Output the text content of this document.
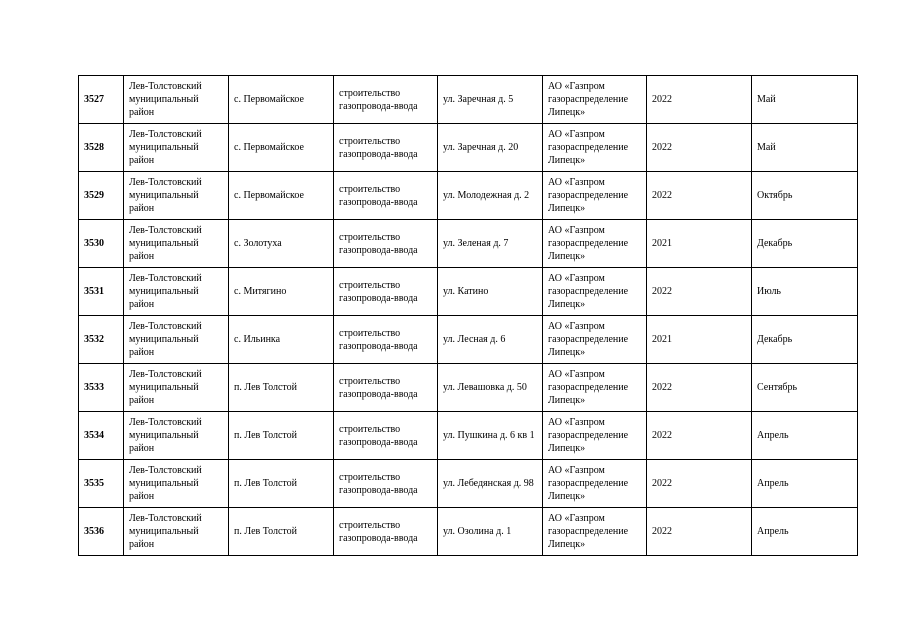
3527	Лев-Толстовский муниципальный район	с. Первомайское	строительство газопровода-ввода	ул. Заречная д. 5	АО «Газпром газораспределение Липецк»	2022	Май
3528	Лев-Толстовский муниципальный район	с. Первомайское	строительство газопровода-ввода	ул. Заречная д. 20	АО «Газпром газораспределение Липецк»	2022	Май
3529	Лев-Толстовский муниципальный район	с. Первомайское	строительство газопровода-ввода	ул. Молодежная д. 2	АО «Газпром газораспределение Липецк»	2022	Октябрь
3530	Лев-Толстовский муниципальный район	с. Золотуха	строительство газопровода-ввода	ул. Зеленая д. 7	АО «Газпром газораспределение Липецк»	2021	Декабрь
3531	Лев-Толстовский муниципальный район	с. Митягино	строительство газопровода-ввода	ул. Катино	АО «Газпром газораспределение Липецк»	2022	Июль
3532	Лев-Толстовский муниципальный район	с. Ильинка	строительство газопровода-ввода	ул. Лесная д. 6	АО «Газпром газораспределение Липецк»	2021	Декабрь
3533	Лев-Толстовский муниципальный район	п. Лев Толстой	строительство газопровода-ввода	ул. Левашовка д. 50	АО «Газпром газораспределение Липецк»	2022	Сентябрь
3534	Лев-Толстовский муниципальный район	п. Лев Толстой	строительство газопровода-ввода	ул. Пушкина д. 6 кв 1	АО «Газпром газораспределение Липецк»	2022	Апрель
3535	Лев-Толстовский муниципальный район	п. Лев Толстой	строительство газопровода-ввода	ул. Лебедянская д. 98	АО «Газпром газораспределение Липецк»	2022	Апрель
3536	Лев-Толстовский муниципальный район	п. Лев Толстой	строительство газопровода-ввода	ул. Озолина д. 1	АО «Газпром газораспределение Липецк»	2022	Апрель
